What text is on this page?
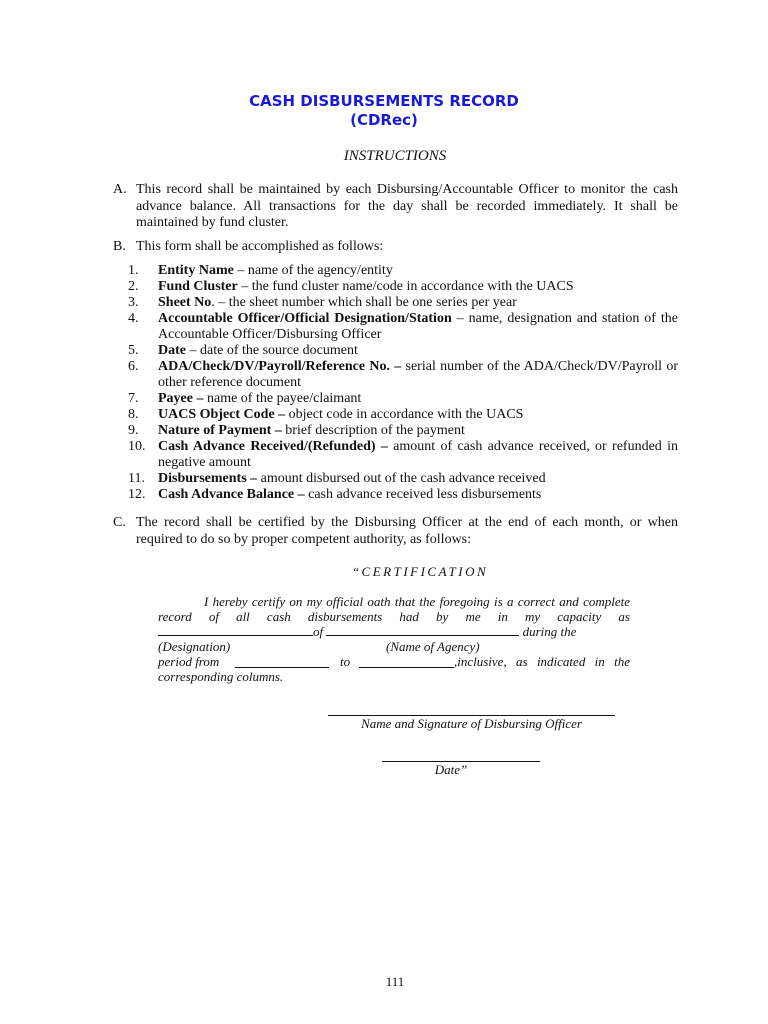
CASH DISBURSEMENTS RECORD
(CDRec)
INSTRUCTIONS
A. This record shall be maintained by each Disbursing/Accountable Officer to monitor the cash advance balance. All transactions for the day shall be recorded immediately. It shall be maintained by fund cluster.
B. This form shall be accomplished as follows:
1.	Entity Name – name of the agency/entity
2.	Fund Cluster – the fund cluster name/code in accordance with the UACS
3.	Sheet No. – the sheet number which shall be one series per year
4.	Accountable Officer/Official Designation/Station – name, designation and station of the Accountable Officer/Disbursing Officer
5.	Date – date of the source document
6.	ADA/Check/DV/Payroll/Reference No. – serial number of the ADA/Check/DV/Payroll or other reference document
7.	Payee – name of the payee/claimant
8.	UACS Object Code – object code in accordance with the UACS
9.	Nature of Payment – brief description of the payment
10. Cash Advance Received/(Refunded) – amount of cash advance received, or refunded in negative amount
11. Disbursements – amount disbursed out of the cash advance received
12. Cash Advance Balance – cash advance received less disbursements
C. The record shall be certified by the Disbursing Officer at the end of each month, or when required to do so by proper competent authority, as follows:
“CERTIFICATION
I hereby certify on my official oath that the foregoing is a correct and complete
record of all cash disbursements had by me in my capacity as
of	during the
(Designation)	(Name of Agency)
period from	to	,inclusive, as indicated in the
corresponding columns.
Name and Signature of Disbursing Officer
Date”
111
